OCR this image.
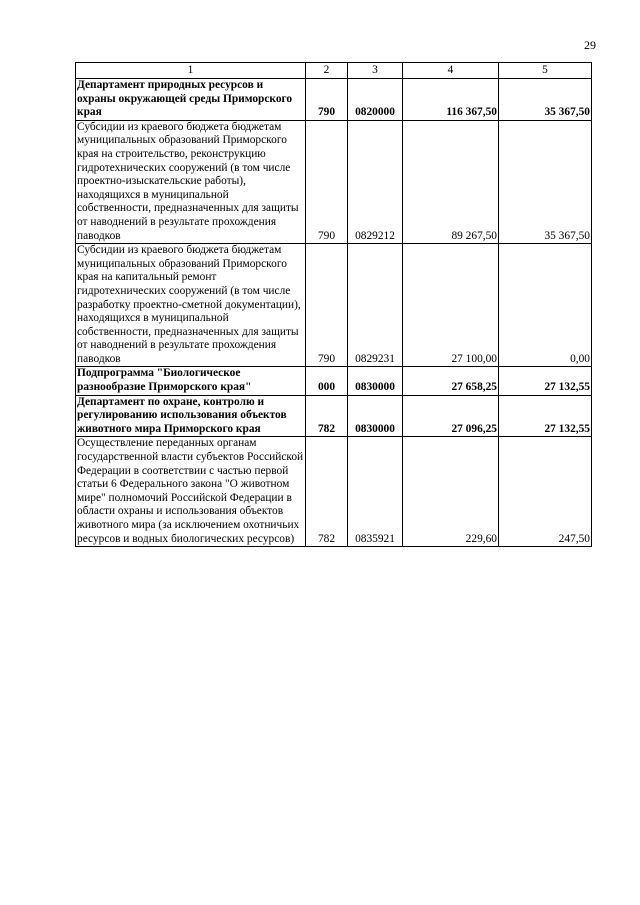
29
1	2	3	4	5
Департамент природных ресурсов и охраны окружающей среды Приморского края	790	0820000	116 367,50	35 367,50
Субсидии из краевого бюджета бюджетам муниципальных образований Приморского края на строительство, реконструкцию гидротехнических сооружений (в том числе проектно-изыскательские работы), находящихся в муниципальной собственности, предназначенных для защиты от наводнений в результате прохождения паводков	790	0829212	89 267,50	35 367,50
Субсидии из краевого бюджета бюджетам муниципальных образований Приморского края на капитальный ремонт гидротехнических сооружений (в том числе разработку проектно-сметной документации), находящихся в муниципальной собственности, предназначенных для защиты от наводнений в результате прохождения паводков	790	0829231	27 100,00	0,00
Подпрограмма "Биологическое разнообразие Приморского края"	000	0830000	27 658,25	27 132,55
Департамент по охране, контролю и регулированию использования объектов животного мира Приморского края	782	0830000	27 096,25	27 132,55
Осуществление переданных органам государственной власти субъектов Российской Федерации в соответствии с частью первой статьи 6 Федерального закона "О животном мире" полномочий Российской Федерации в области охраны и использования объектов животного мира (за исключением охотничьих ресурсов и водных биологических ресурсов)	782	0835921	229,60	247,50
